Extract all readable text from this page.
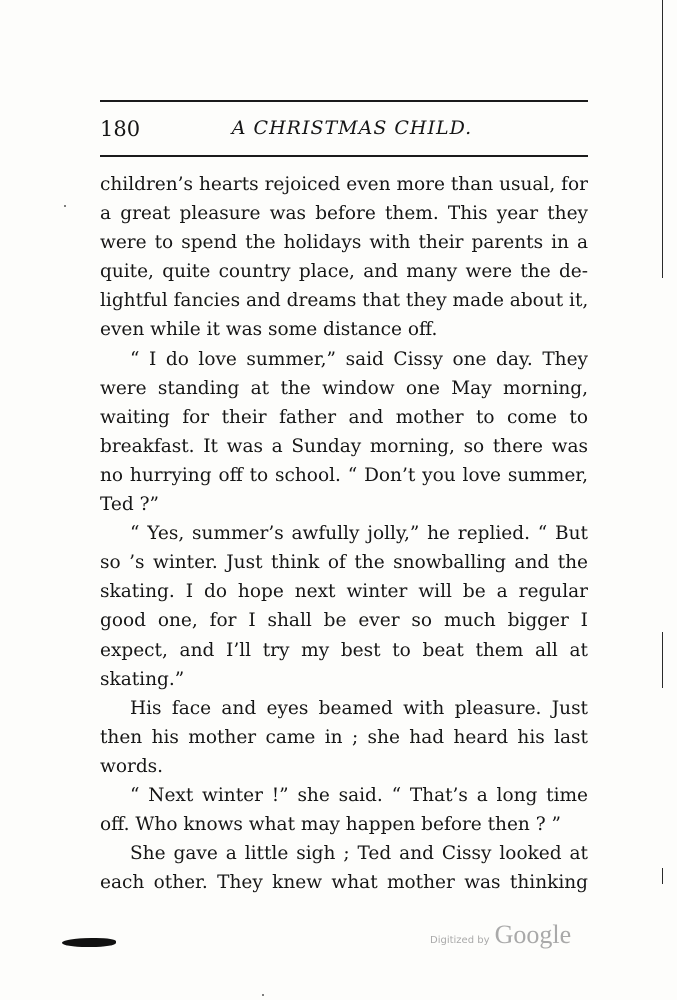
180	A CHRISTMAS CHILD.
children’s hearts rejoiced even more than usual, for
a great pleasure was before them. This year they
were to spend the holidays with their parents in a
quite, quite country place, and many were the de-
lightful fancies and dreams that they made about it,
even while it was some distance off.
“ I do love summer,” said Cissy one day. They
were standing at the window one May morning,
waiting for their father and mother to come to
breakfast. It was a Sunday morning, so there was
no hurrying off to school. “ Don’t you love summer,
Ted ?”
“ Yes, summer’s awfully jolly,” he replied. “ But
so ’s winter. Just think of the snowballing and the
skating. I do hope next winter will be a regular
good one, for I shall be ever so much bigger I
expect, and I’ll try my best to beat them all at
skating.”
His face and eyes beamed with pleasure. Just
then his mother came in ; she had heard his last
words.
“ Next winter !” she said. “ That’s a long time
off. Who knows what may happen before then ? ”
She gave a little sigh ; Ted and Cissy looked at
each other. They knew what mother was thinking
Digitized by Google
